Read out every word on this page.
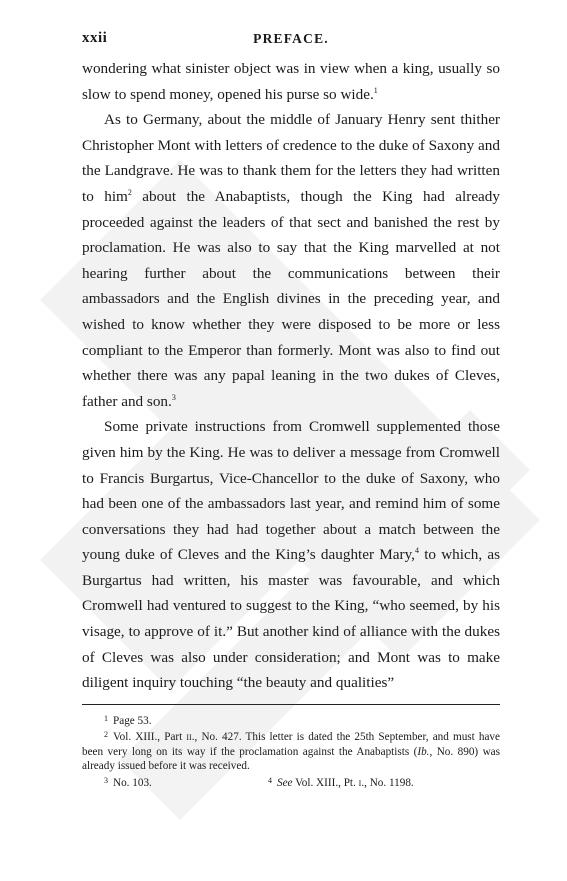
xxii	PREFACE.

wondering what sinister object was in view when a king, usually so slow to spend money, opened his purse so wide.$^1$

As to Germany, about the middle of January Henry sent thither Christopher Mont with letters of credence to the duke of Saxony and the Landgrave. He was to thank them for the letters they had written to him$^2$ about the Anabaptists, though the King had already proceeded against the leaders of that sect and banished the rest by proclamation. He was also to say that the King marvelled at not hearing further about the communications between their ambassadors and the English divines in the preceding year, and wished to know whether they were disposed to be more or less compliant to the Emperor than formerly. Mont was also to find out whether there was any papal leaning in the two dukes of Cleves, father and son.$^3$

Some private instructions from Cromwell supplemented those given him by the King. He was to deliver a message from Cromwell to Francis Burgartus, Vice-Chancellor to the duke of Saxony, who had been one of the ambassadors last year, and remind him of some conversations they had had together about a match between the young duke of Cleves and the King’s daughter Mary,$^4$ to which, as Burgartus had written, his master was favourable, and which Cromwell had ventured to suggest to the King, “who seemed, by his visage, to approve of it.” But another kind of alliance with the dukes of Cleves was also under consideration; and Mont was to make diligent inquiry touching “the beauty and qualities”

$^1$ Page 53.

$^2$ Vol. XIII., Part ii., No. 427. This letter is dated the 25th September, and must have been very long on its way if the proclamation against the Anabaptists (Ib., No. 890) was already issued before it was received.

$^3$ No. 103.	$^4$ See Vol. XIII., Pt. i., No. 1198.
